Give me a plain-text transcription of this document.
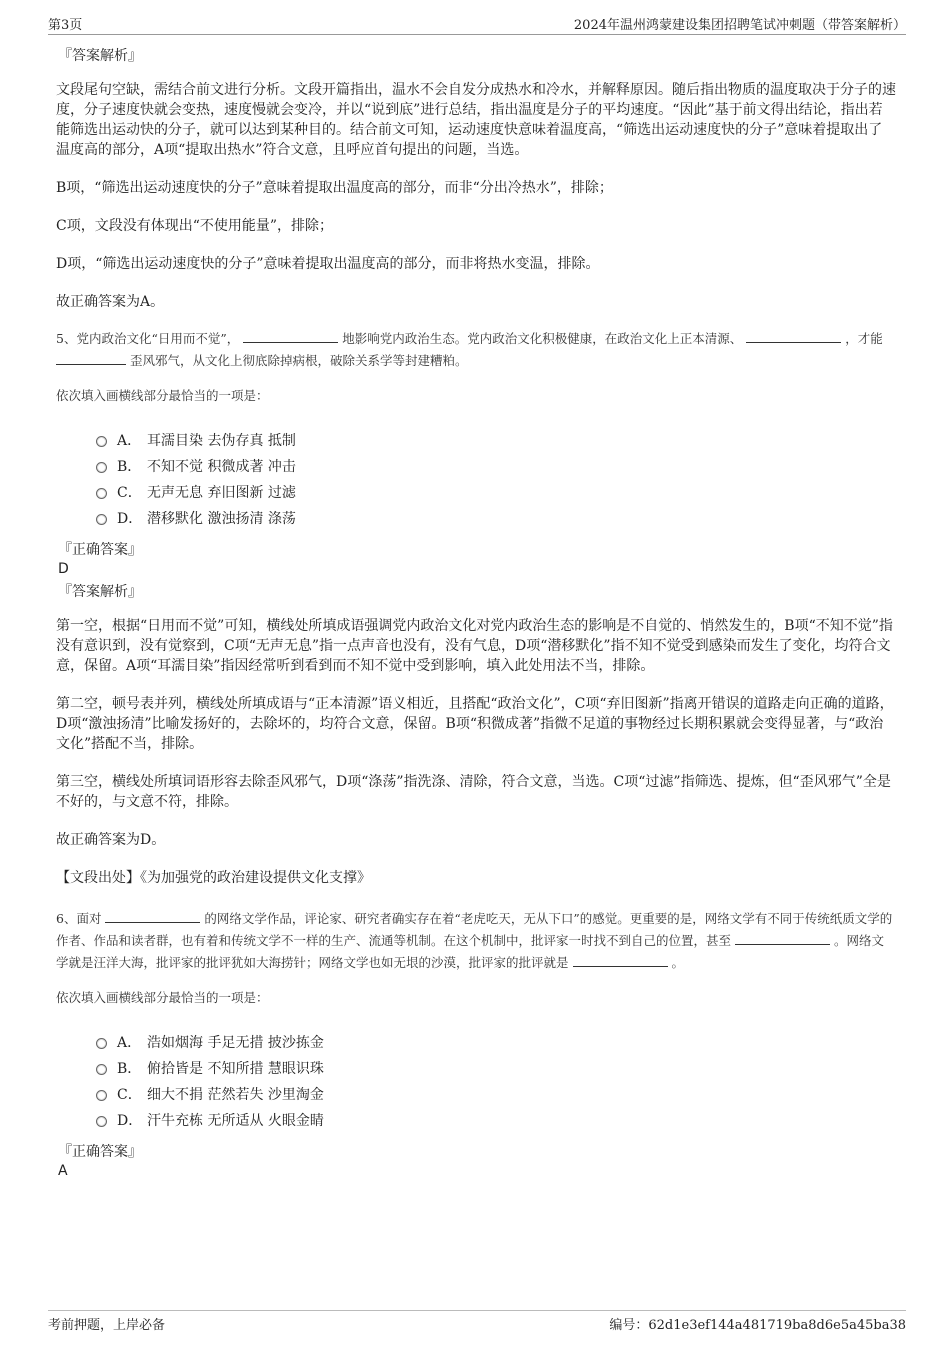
第3页	2024年温州鸿蒙建设集团招聘笔试冲刺题（带答案解析）
『答案解析』
文段尾句空缺，需结合前文进行分析。文段开篇指出，温水不会自发分成热水和冷水，并解释原因。随后指出物质的温度取决于分子的速度，分子速度快就会变热，速度慢就会变冷，并以“说到底”进行总结，指出温度是分子的平均速度。“因此”基于前文得出结论，指出若能筛选出运动快的分子，就可以达到某种目的。结合前文可知，运动速度快意味着温度高，“筛选出运动速度快的分子”意味着提取出了温度高的部分，A项“提取出热水”符合文意，且呼应首句提出的问题，当选。
B项，“筛选出运动速度快的分子”意味着提取出温度高的部分，而非“分出冷热水”，排除；
C项，文段没有体现出“不使用能量”，排除；
D项，“筛选出运动速度快的分子”意味着提取出温度高的部分，而非将热水变温，排除。
故正确答案为A。
5、党内政治文化“日用而不觉”，	地影响党内政治生态。党内政治文化积极健康，在政治文化上正本清源、	，才能  歪风邪气，从文化上彻底除掉病根，破除关系学等封建糟粕。
依次填入画横线部分最恰当的一项是：
A． 耳濡目染 去伪存真 抵制
B． 不知不觉 积微成著 冲击
C． 无声无息 弃旧图新 过滤
D． 潜移默化 激浊扬清 涤荡
『正确答案』
D
『答案解析』
第一空，根据“日用而不觉”可知，横线处所填成语强调党内政治文化对党内政治生态的影响是不自觉的、悄然发生的，B项“不知不觉”指没有意识到，没有觉察到，C项“无声无息”指一点声音也没有，没有气息，D项“潜移默化”指不知不觉受到感染而发生了变化，均符合文意，保留。A项“耳濡目染”指因经常听到看到而不知不觉中受到影响，填入此处用法不当，排除。
第二空，顿号表并列，横线处所填成语与“正本清源”语义相近，且搭配“政治文化”，C项“弃旧图新”指离开错误的道路走向正确的道路，D项“激浊扬清”比喻发扬好的，去除坏的，均符合文意，保留。B项“积微成著”指微不足道的事物经过长期积累就会变得显著，与“政治文化”搭配不当，排除。
第三空，横线处所填词语形容去除歪风邪气，D项“涤荡”指洗涤、清除，符合文意，当选。C项“过滤”指筛选、提炼，但“歪风邪气”全是不好的，与文意不符，排除。
故正确答案为D。
【文段出处】《为加强党的政治建设提供文化支撑》
6、面对	的网络文学作品，评论家、研究者确实存在着“老虎吃天，无从下口”的感觉。更重要的是，网络文学有不同于传统纸质文学的作者、作品和读者群，也有着和传统文学不一样的生产、流通等机制。在这个机制中，批评家一时找不到自己的位置，甚至	。网络文学就是汪洋大海，批评家的批评犹如大海捞针；网络文学也如无垠的沙漠，批评家的批评就是	。
依次填入画横线部分最恰当的一项是：
A． 浩如烟海 手足无措 披沙拣金
B． 俯拾皆是 不知所措 慧眼识珠
C． 细大不捐 茫然若失 沙里淘金
D． 汗牛充栋 无所适从 火眼金睛
『正确答案』
A
考前押题，上岸必备	编号：62d1e3ef144a481719ba8d6e5a45ba38
